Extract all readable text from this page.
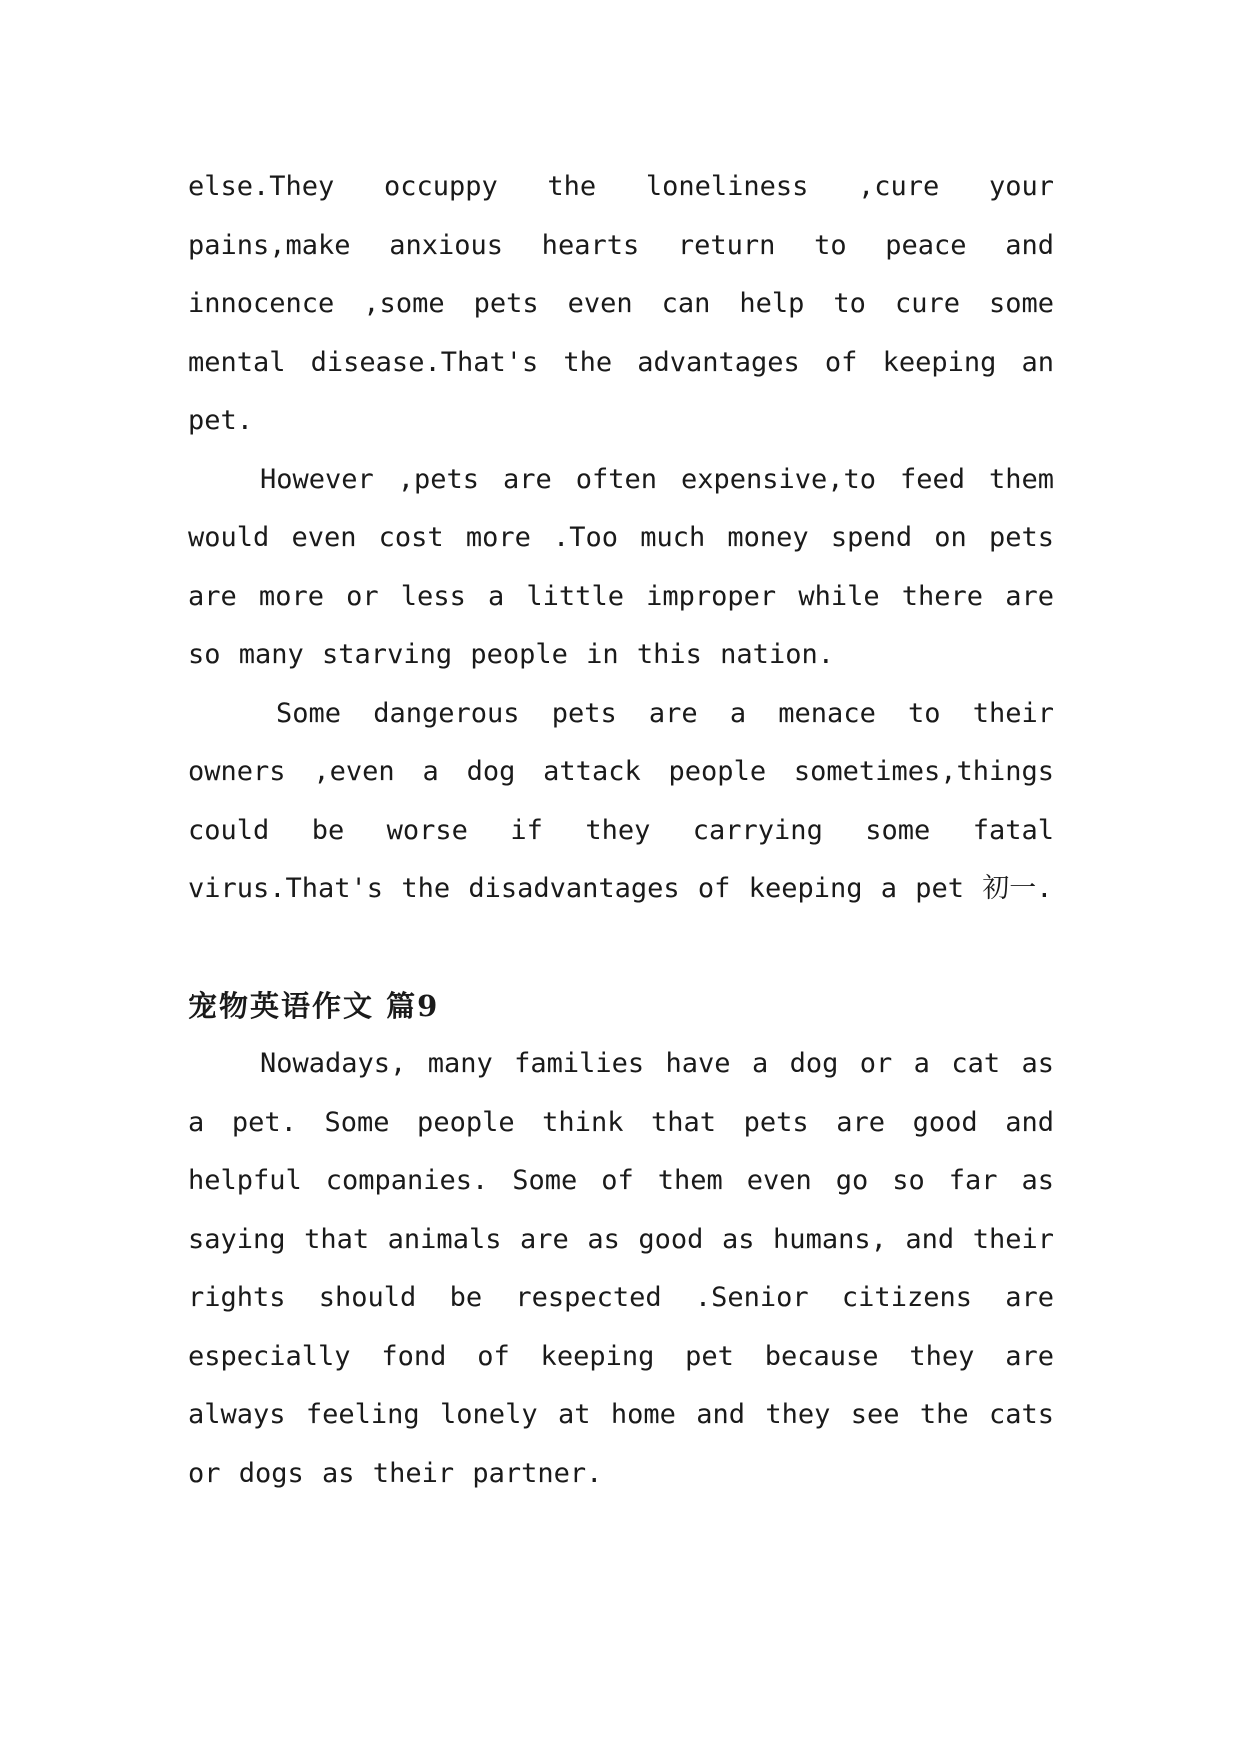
else.They occuppy the loneliness ,cure your pains,make anxious hearts return to peace and innocence ,some pets even can help to cure some mental disease.That's the advantages of keeping an pet.

However ,pets are often expensive,to feed them would even cost more .Too much money spend on pets are more or less a little improper while there are so many starving people in this nation.

Some dangerous pets are a menace to their owners ,even a dog attack people sometimes,things could be worse if they carrying some fatal virus.That's the disadvantages of keeping a pet 初一.

宠物英语作文 篇9

Nowadays, many families have a dog or a cat as a pet. Some people think that pets are good and helpful companies. Some of them even go so far as saying that animals are as good as humans, and their rights should be respected .Senior citizens are especially fond of keeping pet because they are always feeling lonely at home and they see the cats or dogs as their partner.
